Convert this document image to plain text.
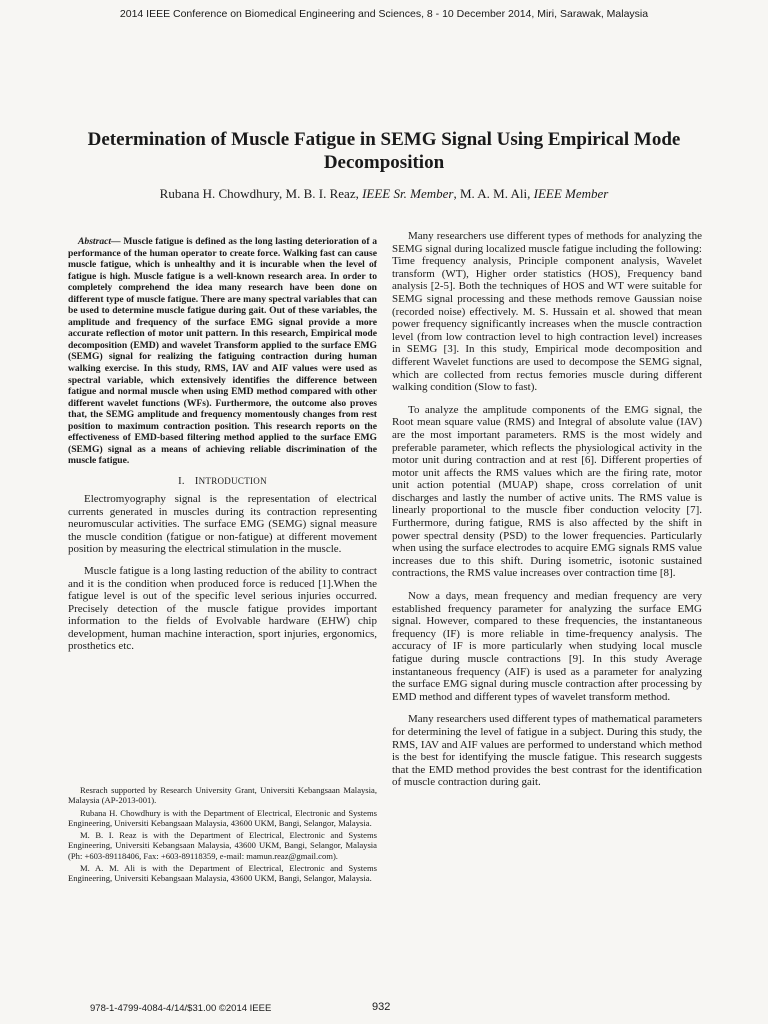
2014 IEEE Conference on Biomedical Engineering and Sciences, 8 - 10 December 2014, Miri, Sarawak, Malaysia
Determination of Muscle Fatigue in SEMG Signal Using Empirical Mode Decomposition
Rubana H. Chowdhury, M. B. I. Reaz, IEEE Sr. Member, M. A. M. Ali, IEEE Member

Abstract— Muscle fatigue is defined as the long lasting deterioration of a performance of the human operator to create force. Walking fast can cause muscle fatigue, which is unhealthy and it is incurable when the level of fatigue is high. Muscle fatigue is a well-known research area. In order to completely comprehend the idea many research have been done on different type of muscle fatigue. There are many spectral variables that can be used to determine muscle fatigue during gait. Out of these variables, the amplitude and frequency of the surface EMG signal provide a more accurate reflection of motor unit pattern. In this research, Empirical mode decomposition (EMD) and wavelet Transform applied to the surface EMG (SEMG) signal for realizing the fatiguing contraction during human walking exercise. In this study, RMS, IAV and AIF values were used as spectral variable, which extensively identifies the difference between fatigue and normal muscle when using EMD method compared with other different wavelet functions (WFs). Furthermore, the outcome also proves that, the SEMG amplitude and frequency momentously changes from rest position to maximum contraction position. This research reports on the effectiveness of EMD-based filtering method applied to the surface EMG (SEMG) signal as a means of achieving reliable discrimination of the muscle fatigue.

I. INTRODUCTION

Electromyography signal is the representation of electrical currents generated in muscles during its contraction representing neuromuscular activities. The surface EMG (SEMG) signal measure the muscle condition (fatigue or non-fatigue) at different movement position by measuring the electrical stimulation in the muscle.

Muscle fatigue is a long lasting reduction of the ability to contract and it is the condition when produced force is reduced [1].When the fatigue level is out of the specific level serious injuries occurred. Precisely detection of the muscle fatigue provides important information to the fields of Evolvable hardware (EHW) chip development, human machine interaction, sport injuries, ergonomics, prosthetics etc.

Resrach supported by Research University Grant, Universiti Kebangsaan Malaysia, Malaysia (AP-2013-001).

Rubana H. Chowdhury is with the Department of Electrical, Electronic and Systems Engineering, Universiti Kebangsaan Malaysia, 43600 UKM, Bangi, Selangor, Malaysia.

M. B. I. Reaz is with the Department of Electrical, Electronic and Systems Engineering, Universiti Kebangsaan Malaysia, 43600 UKM, Bangi, Selangor, Malaysia (Ph: +603-89118406, Fax: +603-89118359, e-mail: mamun.reaz@gmail.com).

M. A. M. Ali is with the Department of Electrical, Electronic and Systems Engineering, Universiti Kebangsaan Malaysia, 43600 UKM, Bangi, Selangor, Malaysia.

Many researchers use different types of methods for analyzing the SEMG signal during localized muscle fatigue including the following: Time frequency analysis, Principle component analysis, Wavelet transform (WT), Higher order statistics (HOS), Frequency band analysis [2-5]. Both the techniques of HOS and WT were suitable for SEMG signal processing and these methods remove Gaussian noise (recorded noise) effectively. M. S. Hussain et al. showed that mean power frequency significantly increases when the muscle contraction level (from low contraction level to high contraction level) increases in SEMG [3]. In this study, Empirical mode decomposition and different Wavelet functions are used to decompose the SEMG signal, which are collected from rectus femories muscle during different walking condition (Slow to fast).

To analyze the amplitude components of the EMG signal, the Root mean square value (RMS) and Integral of absolute value (IAV) are the most important parameters. RMS is the most widely and preferable parameter, which reflects the physiological activity in the motor unit during contraction and at rest [6]. Different properties of motor unit affects the RMS values which are the firing rate, motor unit action potential (MUAP) shape, cross correlation of unit discharges and lastly the number of active units. The RMS value is linearly proportional to the muscle fiber conduction velocity [7]. Furthermore, during fatigue, RMS is also affected by the shift in power spectral density (PSD) to the lower frequencies. Particularly when using the surface electrodes to acquire EMG signals RMS value increases due to this shift. During isometric, isotonic sustained contractions, the RMS value increases over contraction time [8].

Now a days, mean frequency and median frequency are very established frequency parameter for analyzing the surface EMG signal. However, compared to these frequencies, the instantaneous frequency (IF) is more reliable in time-frequency analysis. The accuracy of IF is more particularly when studying local muscle fatigue during muscle contractions [9]. In this study Average instantaneous frequency (AIF) is used as a parameter for analyzing the surface EMG signal during muscle contraction after processing by EMD method and different types of wavelet transform method.

Many researchers used different types of mathematical parameters for determining the level of fatigue in a subject. During this study, the RMS, IAV and AIF values are performed to understand which method is the best for identifying the muscle fatigue. This research suggests that the EMD method provides the best contrast for the identification of muscle contraction during gait.

978-1-4799-4084-4/14/$31.00 ©2014 IEEE	932
